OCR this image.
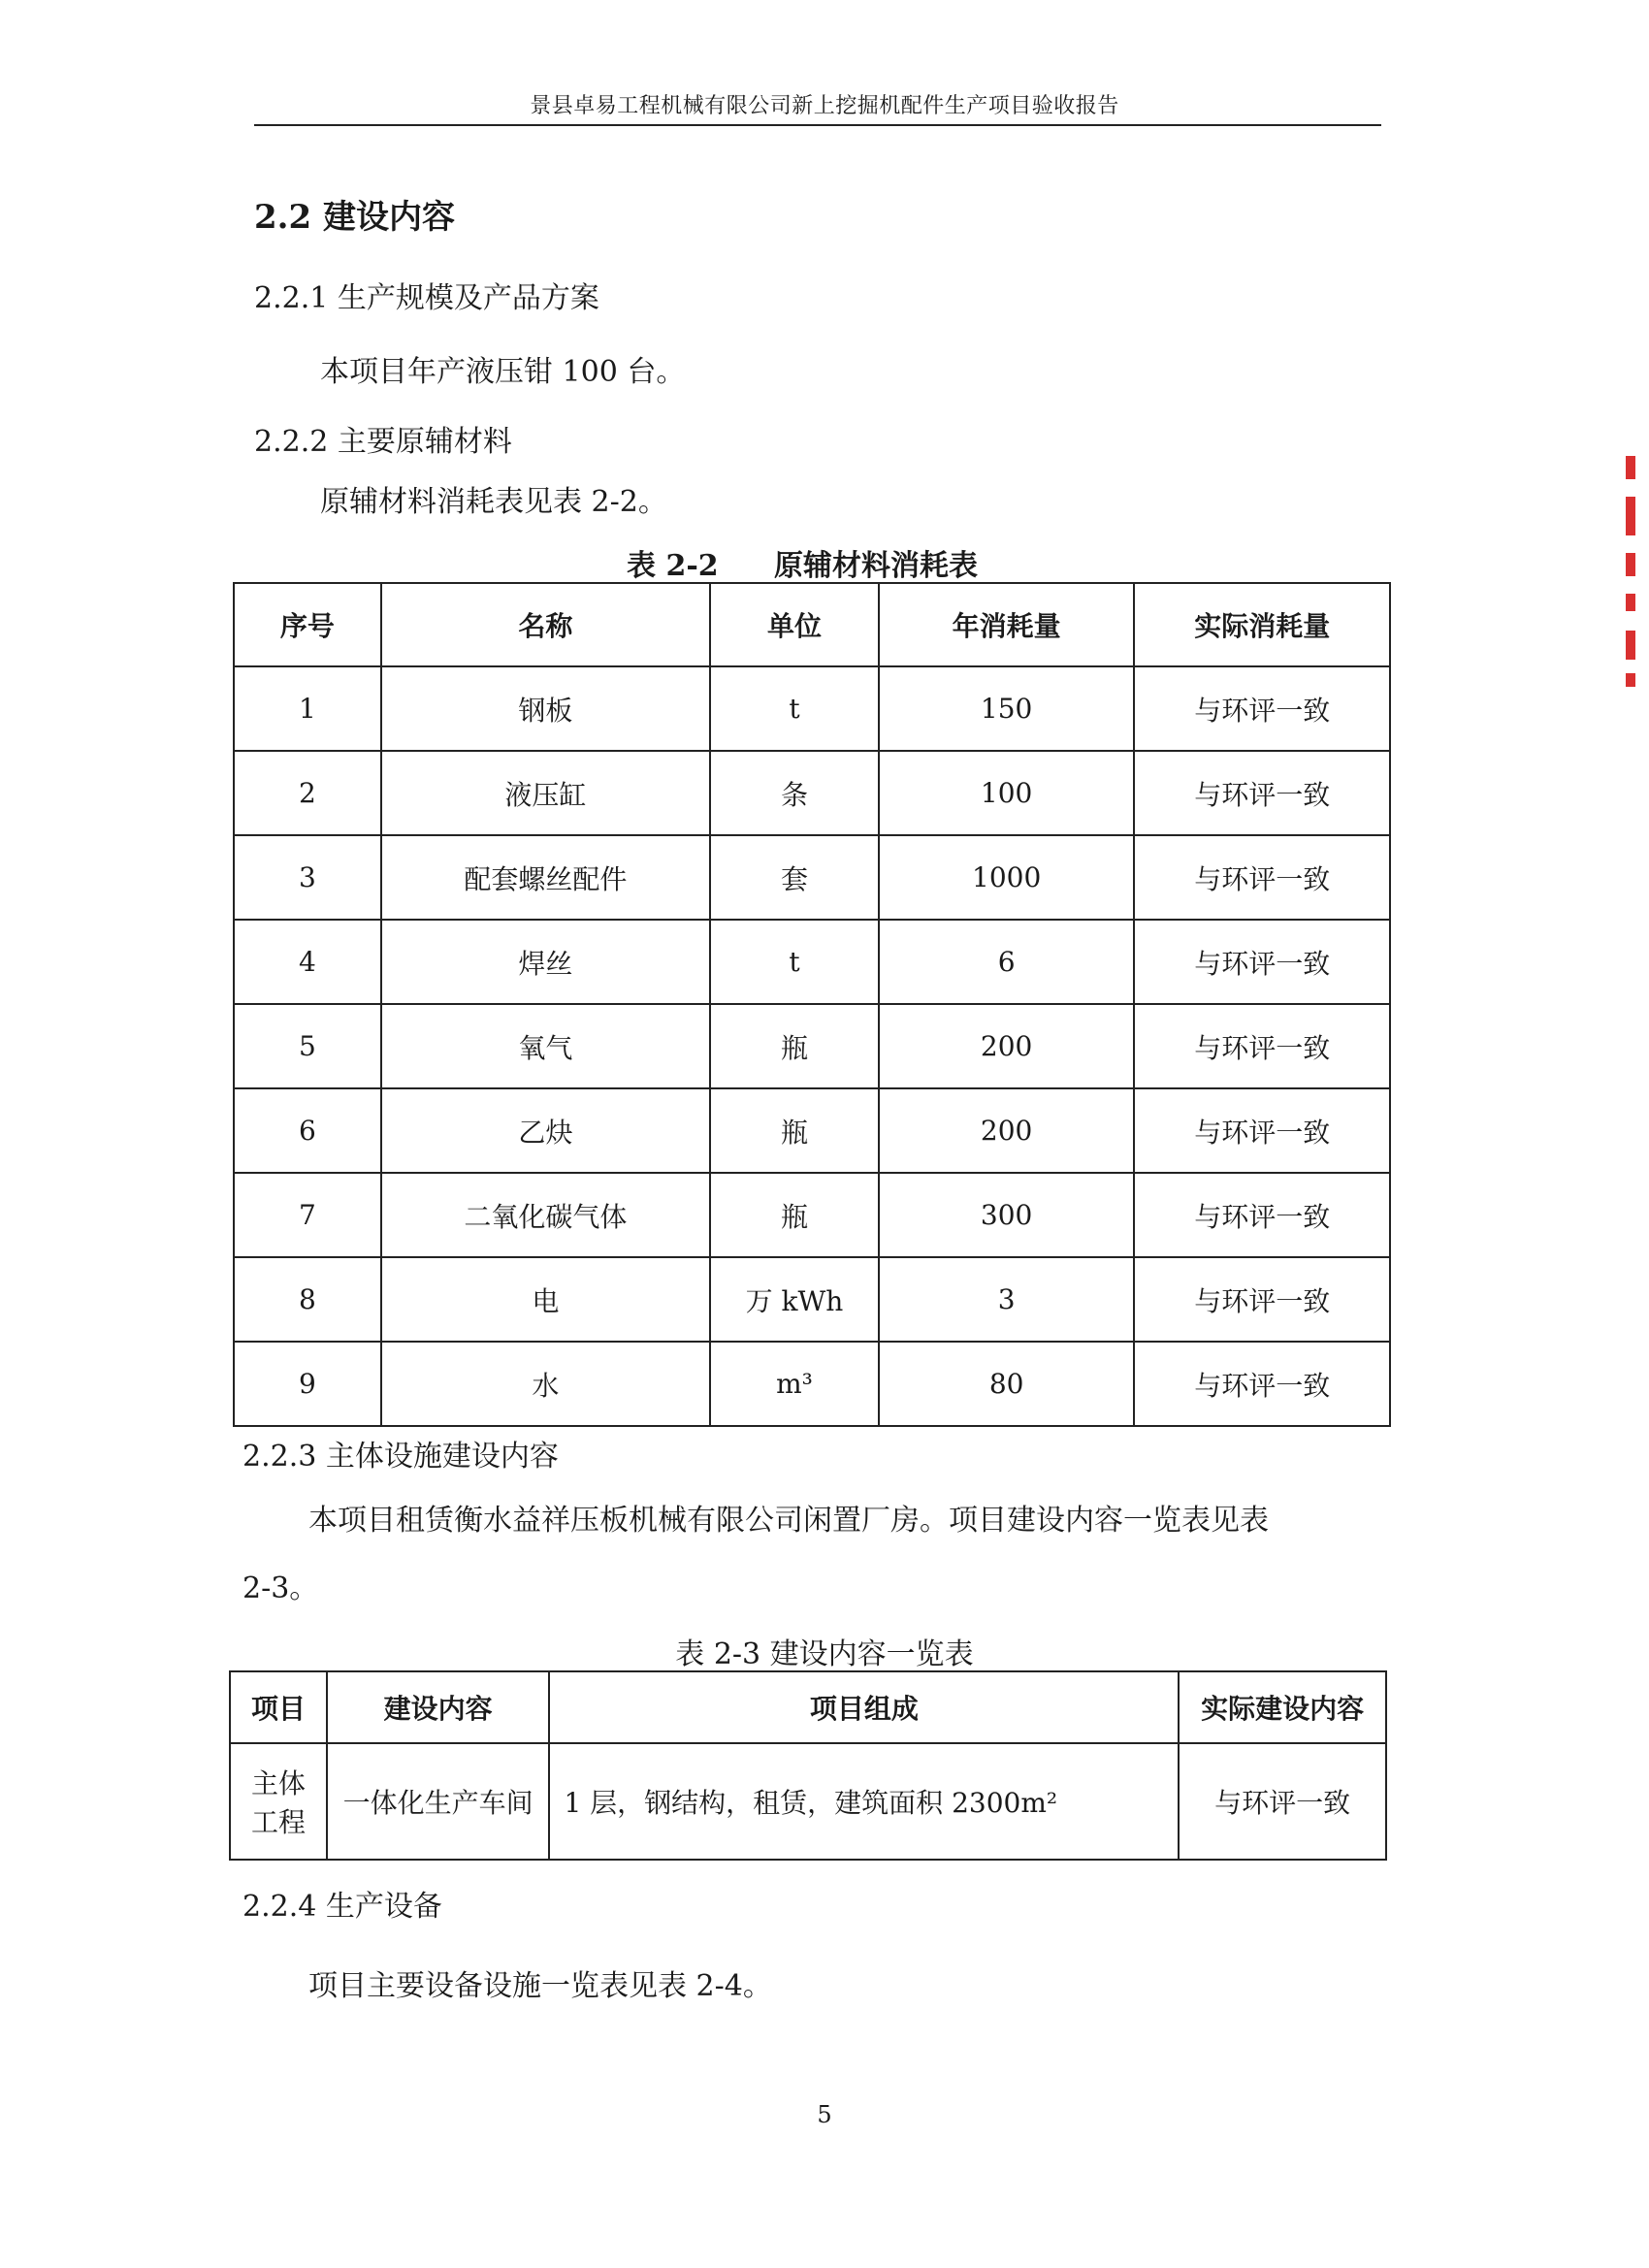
景县卓易工程机械有限公司新上挖掘机配件生产项目验收报告
2.2 建设内容
2.2.1 生产规模及产品方案
本项目年产液压钳 100 台。
2.2.2 主要原辅材料
原辅材料消耗表见表 2-2。
表 2-2 原辅材料消耗表
序号	名称	单位	年消耗量	实际消耗量
1	钢板	t	150	与环评一致
2	液压缸	条	100	与环评一致
3	配套螺丝配件	套	1000	与环评一致
4	焊丝	t	6	与环评一致
5	氧气	瓶	200	与环评一致
6	乙炔	瓶	200	与环评一致
7	二氧化碳气体	瓶	300	与环评一致
8	电	万 kWh	3	与环评一致
9	水	m³	80	与环评一致
2.2.3 主体设施建设内容
本项目租赁衡水益祥压板机械有限公司闲置厂房。项目建设内容一览表见表
2-3。
表 2-3 建设内容一览表
项目	建设内容	项目组成	实际建设内容
主体工程	一体化生产车间	1 层，钢结构，租赁，建筑面积 2300m²	与环评一致
2.2.4 生产设备
项目主要设备设施一览表见表 2-4。
5
